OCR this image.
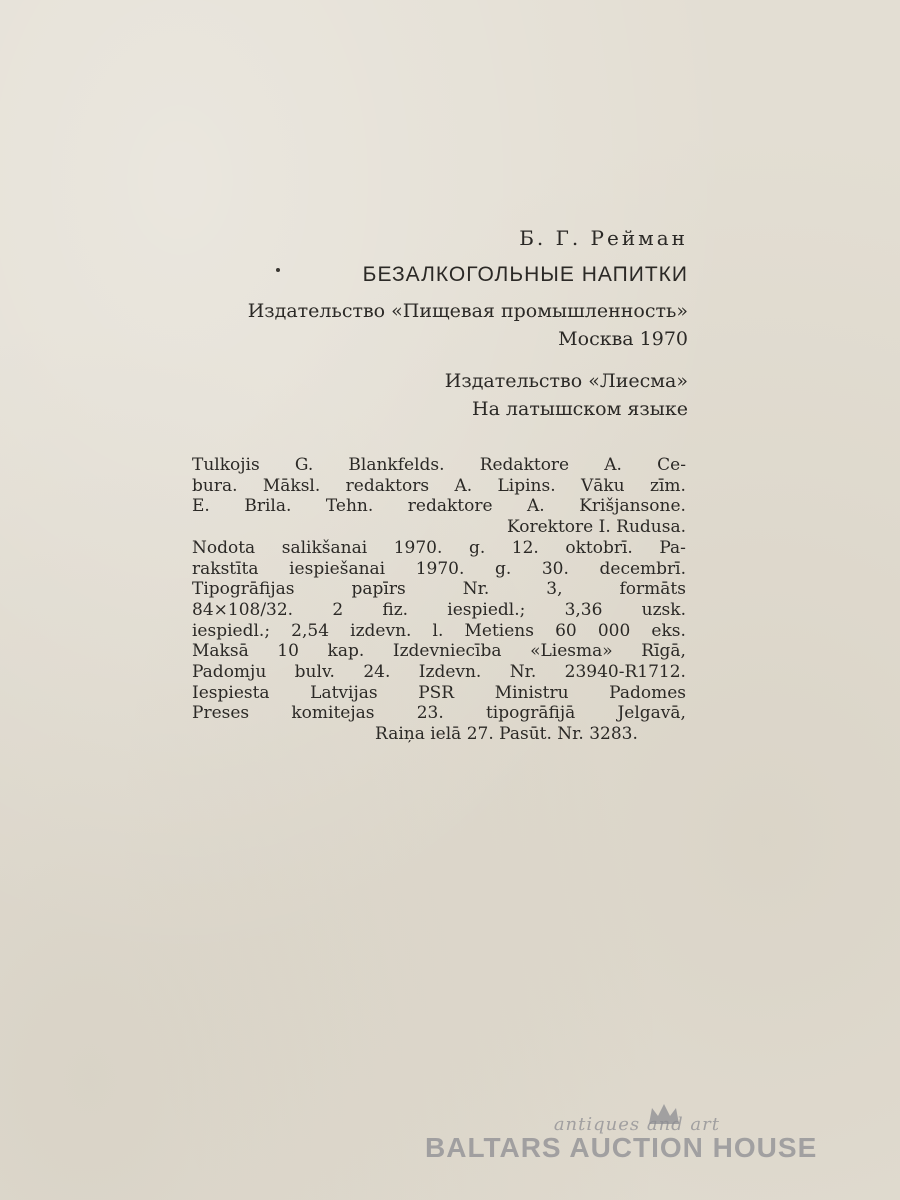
Б. Г. Рейман
БЕЗАЛКОГОЛЬНЫЕ НАПИТКИ
Издательство «Пищевая промышленность»
Москва 1970
Издательство «Лиесма»
На латышском языке
Tulkojis G. Blankfelds. Redaktore A. Ce-
bura. Māksl. redaktors A. Lipins. Vāku zīm.
E. Brila. Tehn. redaktore A. Krišjansone.
Korektore I. Rudusa.
Nodota salikšanai 1970. g. 12. oktobrī. Pa-
rakstīta iespiešanai 1970. g. 30. decembrī.
Tipogrāfijas	papīrs	Nr.	3,	formāts
84×108/32. 2 fiz. iespiedl.; 3,36 uzsk.
iespiedl.; 2,54 izdevn. l. Metiens 60 000 eks.
Maksā 10 kap. Izdevniecība «Liesma» Rīgā,
Padomju bulv. 24. Izdevn. Nr. 23940-R1712.
Iespiesta Latvijas PSR Ministru Padomes
Preses komitejas 23. tipogrāfijā Jelgavā,
Raiņa ielā 27. Pasūt. Nr. 3283.
antiques and art
BALTARS AUCTION HOUSE
